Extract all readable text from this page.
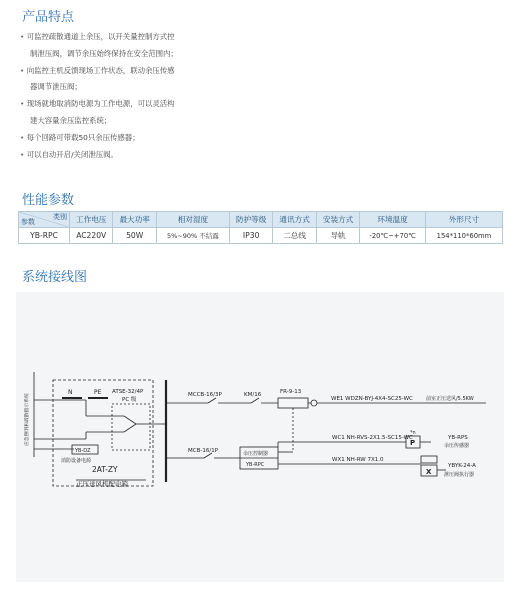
产品特点
• 可监控疏散通道上余压，以开关量控制方式控
制泄压阀，调节余压始终保持在安全范围内；
• 向监控主机反馈现场工作状态，联动余压传感
器调节泄压阀；
• 现场就地取消防电源为工作电源，可以灵活构
建大容量余压监控系统；
• 每个回路可带载50只余压传感器；
• 可以自动开启/关闭泄压阀。
性能参数
类别
参数	工作电压	最大功率	相对湿度	防护等级	通讯方式	安装方式	环境温度	外形尺寸
YB-RPC	AC220V	50W	5%~90% 不结露	IP30	二总线	导轨	-20℃~+70℃	154*110*60mm
系统接线图
应急照明和疏散指示系统
N	PE ATSE-32/4P
PC 级
YB-DZ
消防设备电源
2AT-ZY
正压送风机配电箱
MCCB-16/3P	KM/16	FR-9-13
WE1 WDZN-BYJ-4X4-SC25-WC	前室正压送风/5.5KW
MCB-16/1P	余压控制器
YB-RPC
WC1 NH-RVS-2X1.5-SC15-WC
P
*n
YB-RPS
余压传感器
WX1 NH-RW 7X1.0
X
YBYK-24-A
泄压阀执行器
